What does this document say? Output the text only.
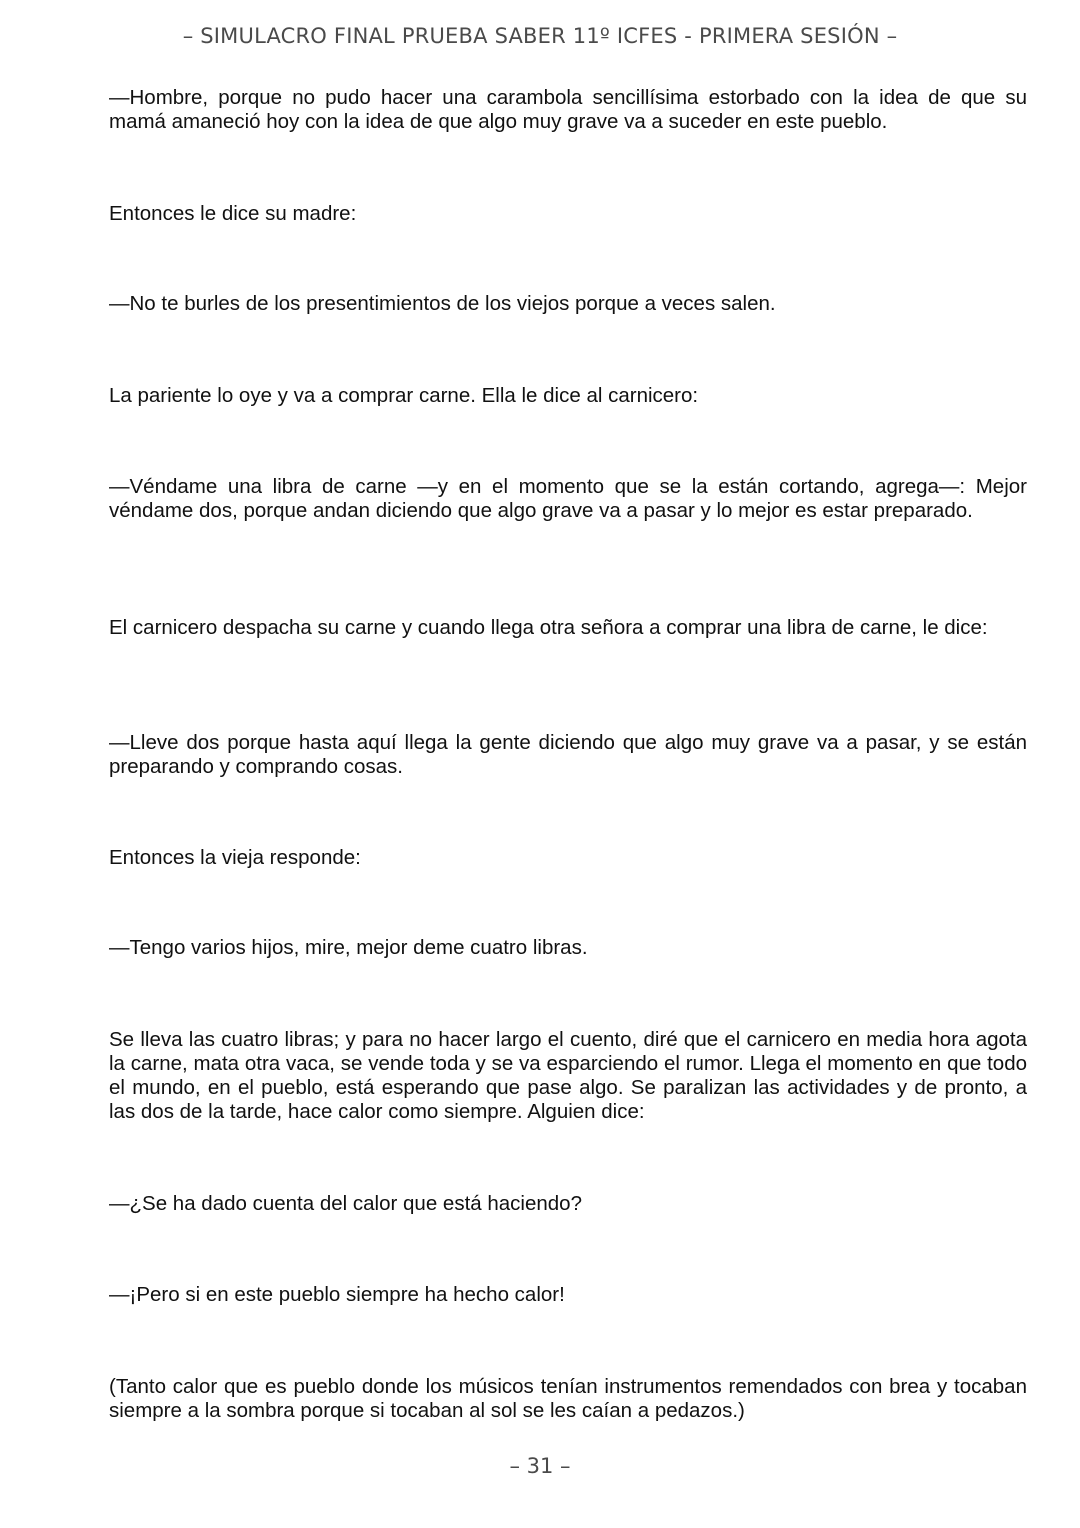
– SIMULACRO FINAL PRUEBA SABER 11º ICFES - PRIMERA SESIÓN –

—Hombre, porque no pudo hacer una carambola sencillísima estorbado con la idea de que su mamá amaneció hoy con la idea de que algo muy grave va a suceder en este pueblo.

Entonces le dice su madre:

—No te burles de los presentimientos de los viejos porque a veces salen.

La pariente lo oye y va a comprar carne. Ella le dice al carnicero:

—Véndame una libra de carne —y en el momento que se la están cortando, agrega—: Mejor véndame dos, porque andan diciendo que algo grave va a pasar y lo mejor es estar preparado.

El carnicero despacha su carne y cuando llega otra señora a comprar una libra de carne, le dice:

—Lleve dos porque hasta aquí llega la gente diciendo que algo muy grave va a pasar, y se están preparando y comprando cosas.

Entonces la vieja responde:

—Tengo varios hijos, mire, mejor deme cuatro libras.

Se lleva las cuatro libras; y para no hacer largo el cuento, diré que el carnicero en media hora agota la carne, mata otra vaca, se vende toda y se va esparciendo el rumor. Llega el momento en que todo el mundo, en el pueblo, está esperando que pase algo. Se paralizan las actividades y de pronto, a las dos de la tarde, hace calor como siempre. Alguien dice:

—¿Se ha dado cuenta del calor que está haciendo?

—¡Pero si en este pueblo siempre ha hecho calor!

(Tanto calor que es pueblo donde los músicos tenían instrumentos remendados con brea y tocaban siempre a la sombra porque si tocaban al sol se les caían a pedazos.)

– 31 –
